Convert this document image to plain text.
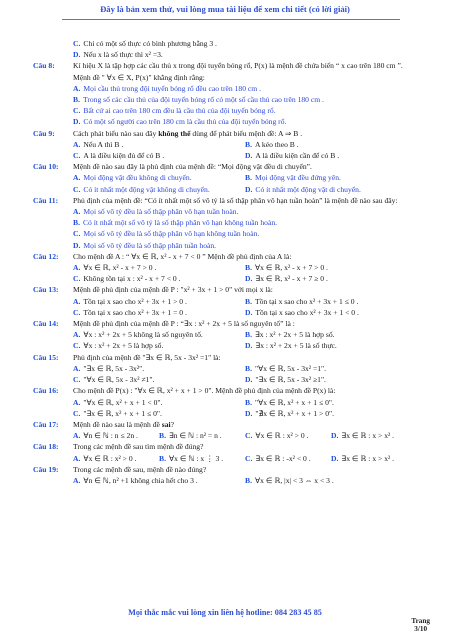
Đây là bản xem thử, vui lòng mua tài liệu để xem chi tiết (có lời giải)
C. Chỉ có một số thực có bình phương bằng 3 .
D. Nếu x là số thực thì x² =3.
Câu 8: Kí hiệu X là tập hợp các cầu thủ x trong đội tuyển bóng rổ, P(x) là mệnh đề chứa biến “ x cao trên 180 cm ”. Mệnh đề " ∀x ∈ X, P(x)" khẳng định rằng:
A. Mọi cầu thủ trong đội tuyển bóng rổ đều cao trên 180 cm .
B. Trong số các cầu thủ của đội tuyển bóng rổ có một số cầu thủ cao trên 180 cm .
C. Bất cứ ai cao trên 180 cm đều là cầu thủ của đội tuyển bóng rổ.
D. Có một số người cao trên 180 cm là cầu thủ của đội tuyển bóng rổ.
Câu 9: Cách phát biểu nào sau đây không thể dùng để phát biểu mệnh đề: A ⇒ B .
A. Nếu A thì B .	B. A kéo theo B .
C. A là điều kiện đủ để có B .	D. A là điều kiện cần để có B .
Câu 10: Mệnh đề nào sau đây là phủ định của mệnh đề: “Mọi động vật đều di chuyển”.
A. Mọi động vật đều không di chuyển.	B. Mọi động vật đều đứng yên.
C. Có ít nhất một động vật không di chuyển.	D. Có ít nhất một động vật di chuyển.
Câu 11: Phủ định của mệnh đề: “Có ít nhất một số vô tỷ là số thập phân vô hạn tuần hoàn” là mệnh đề nào sau đây:
A. Mọi số vô tỷ đều là số thập phân vô hạn tuần hoàn.
B. Có ít nhất một số vô tỷ là số thập phân vô hạn không tuần hoàn.
C. Mọi số vô tỷ đều là số thập phân vô hạn không tuần hoàn.
D. Mọi số vô tỷ đều là số thập phân tuần hoàn.
Câu 12: Cho mệnh đề A : “ ∀x ∈ ℝ, x² - x + 7 < 0 ” Mệnh đề phủ định của A là:
A. ∀x ∈ ℝ, x² - x + 7 > 0 .	B. ∀x ∈ ℝ, x² - x + 7 > 0 .
C. Không tồn tại x : x² - x + 7 < 0 .	D. ∃x ∈ ℝ, x² - x + 7 ≥ 0 .
Câu 13: Mệnh đề phủ định của mệnh đề P : "x² + 3x + 1 > 0" với mọi x là:
A. Tồn tại x sao cho x² + 3x + 1 > 0 .	B. Tồn tại x sao cho x² + 3x + 1 ≤ 0 .
C. Tồn tại x sao cho x² + 3x + 1 = 0 .	D. Tồn tại x sao cho x² + 3x + 1 < 0 .
Câu 14: Mệnh đề phủ định của mệnh đề P : “∃x : x² + 2x + 5 là số nguyên tố” là :
A. ∀x : x² + 2x + 5 không là số nguyên tố.	B. ∃x : x² + 2x + 5 là hợp số.
C. ∀x : x² + 2x + 5 là hợp số.	D. ∃x : x² + 2x + 5 là số thực.
Câu 15: Phủ định của mệnh đề "∃x ∈ ℝ, 5x - 3x² =1" là:
A. "∃x ∈ ℝ, 5x - 3x²".	B. "∀x ∈ ℝ, 5x - 3x² =1".
C. "∀x ∈ ℝ, 5x - 3x² ≠1".	D. "∃x ∈ ℝ, 5x - 3x² ≥1".
Câu 16: Cho mệnh đề P(x) : "∀x ∈ ℝ, x² + x + 1 > 0". Mệnh đề phủ định của mệnh đề P(x) là:
A. "∀x ∈ ℝ, x² + x + 1 < 0".	B. "∀x ∈ ℝ, x² + x + 1 ≤ 0".
C. "∃x ∈ ℝ, x² + x + 1 ≤ 0".	D. "∄x ∈ ℝ, x² + x + 1 > 0".
Câu 17: Mệnh đề nào sau là mệnh đề sai?
A. ∀n ∈ ℕ : n ≤ 2n .	B. ∃n ∈ ℕ : n² = n .	C. ∀x ∈ ℝ : x² > 0 .	D. ∃x ∈ ℝ : x > x² .
Câu 18: Trong các mệnh đề sau tìm mệnh đề đúng?
A. ∀x ∈ ℝ : x² > 0 .	B. ∀x ∈ ℕ : x ⋮ 3 .	C. ∃x ∈ ℝ : -x² < 0 .	D. ∃x ∈ ℝ : x > x² .
Câu 19: Trong các mệnh đề sau, mệnh đề nào đúng?
A. ∀n ∈ ℕ, n² +1 không chia hết cho 3 .	B. ∀x ∈ ℝ, |x| < 3 ⇔ x < 3 .
Mọi thắc mắc vui lòng xin liên hệ hotline: 084 283 45 85
Trang
3/10
